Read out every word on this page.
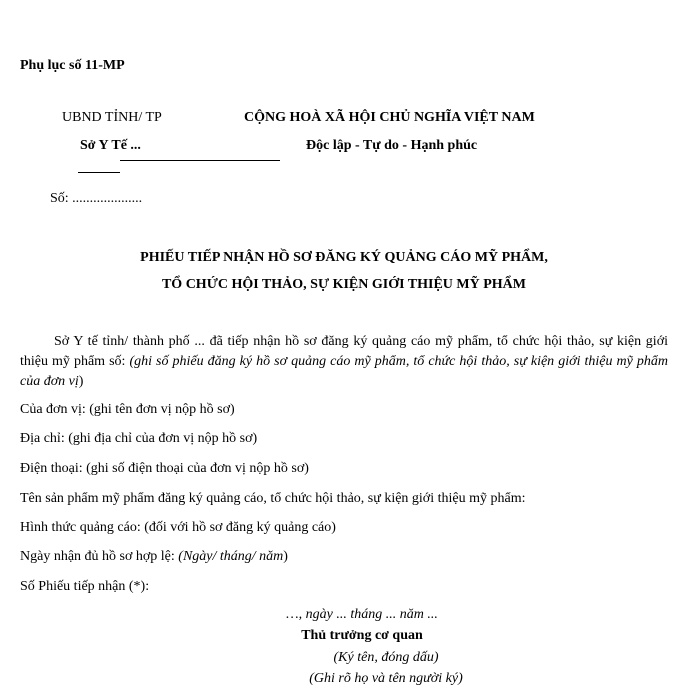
Phụ lục số 11-MP
UBND TỈNH/ TP
Sở Y Tế ...
CỘNG HOÀ XÃ HỘI CHỦ NGHĨA VIỆT NAM
Độc lập - Tự do - Hạnh phúc
Số: ....................
PHIẾU TIẾP NHẬN HỒ SƠ ĐĂNG KÝ QUẢNG CÁO MỸ PHẨM,
TỔ CHỨC HỘI THẢO, SỰ KIỆN GIỚI THIỆU MỸ PHẨM
Sở Y tế tỉnh/ thành phố ... đã tiếp nhận hồ sơ đăng ký quảng cáo mỹ phẩm, tổ chức hội thảo, sự kiện giới thiệu mỹ phẩm số: (ghi số phiếu đăng ký hồ sơ quảng cáo mỹ phẩm, tổ chức hội thảo, sự kiện giới thiệu mỹ phẩm của đơn vị)
Của đơn vị: (ghi tên đơn vị nộp hồ sơ)
Địa chỉ: (ghi địa chỉ của đơn vị nộp hồ sơ)
Điện thoại: (ghi số điện thoại của đơn vị nộp hồ sơ)
Tên sản phẩm mỹ phẩm đăng ký quảng cáo, tổ chức hội thảo, sự kiện giới thiệu mỹ phẩm:
Hình thức quảng cáo: (đối với hồ sơ đăng ký quảng cáo)
Ngày nhận đủ hồ sơ hợp lệ: (Ngày/ tháng/ năm)
Số Phiếu tiếp nhận (*):
…, ngày ... tháng ... năm ...
Thủ trưởng cơ quan
(Ký tên, đóng dấu)
(Ghi rõ họ và tên người ký)
